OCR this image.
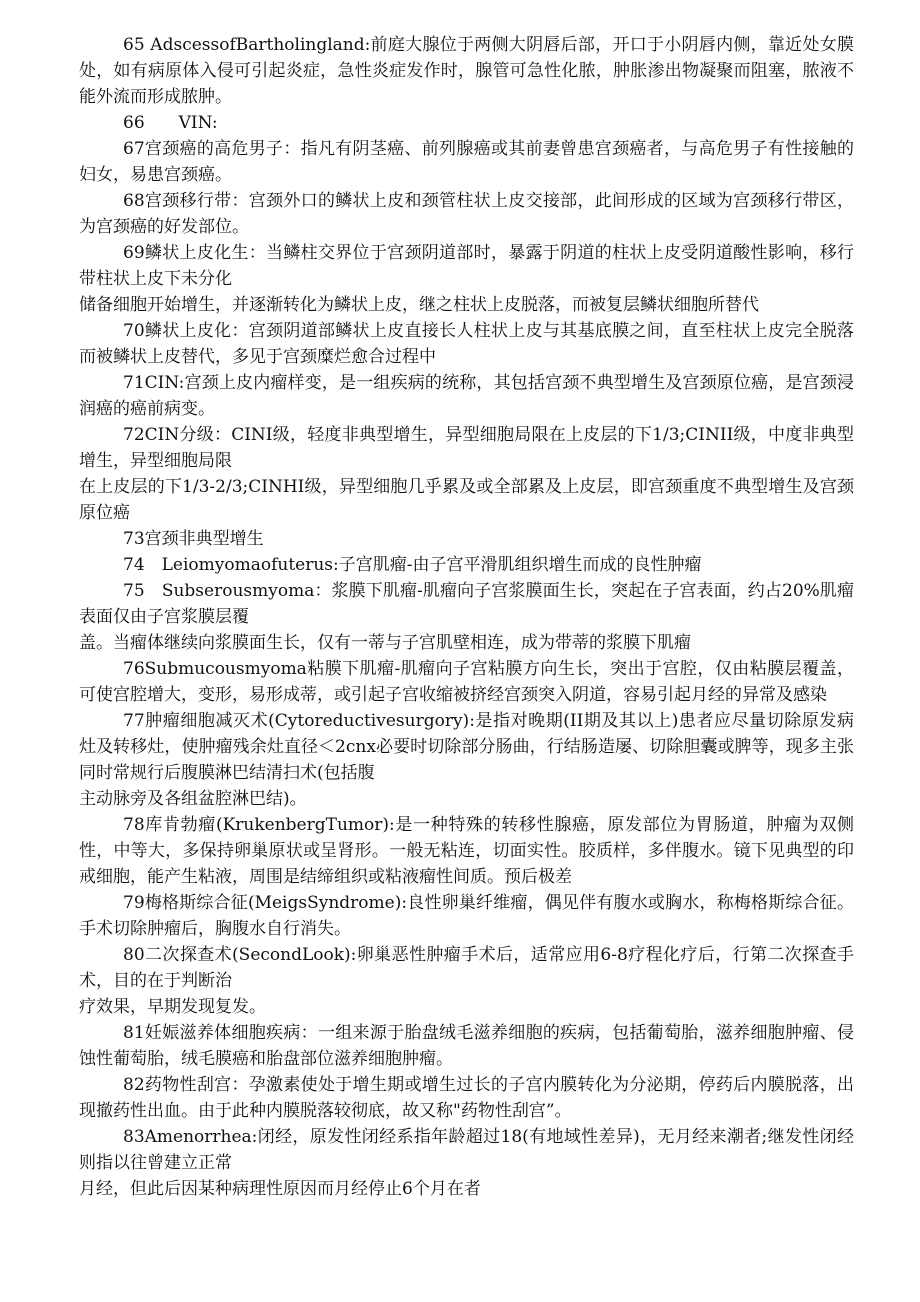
65 AdscessofBartholingland:前庭大腺位于两侧大阴唇后部，开口于小阴唇内侧，靠近处女膜处，如有病原体入侵可引起炎症，急性炎症发作时，腺管可急性化脓，肿胀渗出物凝聚而阻塞，脓液不能外流而形成脓肿。

66　　VIN:

67宫颈癌的高危男子：指凡有阴茎癌、前列腺癌或其前妻曾患宫颈癌者，与高危男子有性接触的妇女，易患宫颈癌。

68宫颈移行带：宫颈外口的鳞状上皮和颈管柱状上皮交接部，此间形成的区域为宫颈移行带区，为宫颈癌的好发部位。

69鳞状上皮化生：当鳞柱交界位于宫颈阴道部时，暴露于阴道的柱状上皮受阴道酸性影响，移行带柱状上皮下未分化

储备细胞开始增生，并逐渐转化为鳞状上皮，继之柱状上皮脱落，而被复层鳞状细胞所替代

70鳞状上皮化：宫颈阴道部鳞状上皮直接长人柱状上皮与其基底膜之间，直至柱状上皮完全脱落而被鳞状上皮替代，多见于宫颈糜烂愈合过程中

71CIN:宫颈上皮内瘤样变，是一组疾病的统称，其包括宫颈不典型增生及宫颈原位癌，是宫颈浸润癌的癌前病变。

72CIN分级：CINI级，轻度非典型增生，异型细胞局限在上皮层的下1/3;CINII级，中度非典型增生，异型细胞局限

在上皮层的下1/3-2/3;CINHI级，异型细胞几乎累及或全部累及上皮层，即宫颈重度不典型增生及宫颈原位癌

73宫颈非典型增生

74　Leiomyomaofuterus:子宫肌瘤-由子宫平滑肌组织增生而成的良性肿瘤

75　Subserousmyoma：浆膜下肌瘤-肌瘤向子宫浆膜面生长，突起在子宫表面，约占20%肌瘤表面仅由子宫浆膜层覆

盖。当瘤体继续向浆膜面生长，仅有一蒂与子宫肌壁相连，成为带蒂的浆膜下肌瘤

76Submucousmyoma粘膜下肌瘤-肌瘤向子宫粘膜方向生长，突出于宫腔，仅由粘膜层覆盖，可使宫腔增大，变形，易形成蒂，或引起子宫收缩被挤经宫颈突入阴道，容易引起月经的异常及感染

77肿瘤细胞减灭术(Cytoreductivesurgory):是指对晚期(II期及其以上)患者应尽量切除原发病灶及转移灶，使肿瘤残余灶直径＜2cnx必要时切除部分肠曲，行结肠造屡、切除胆囊或脾等，现多主张同时常规行后腹膜淋巴结清扫术(包括腹

主动脉旁及各组盆腔淋巴结)。

78库肯勃瘤(KrukenbergTumor):是一种特殊的转移性腺癌，原发部位为胃肠道，肿瘤为双侧性，中等大，多保持卵巢原状或呈肾形。一般无粘连，切面实性。胶质样，多伴腹水。镜下见典型的印戒细胞，能产生粘液，周围是结缔组织或粘液瘤性间质。预后极差

79梅格斯综合征(MeigsSyndrome):良性卵巢纤维瘤，偶见伴有腹水或胸水，称梅格斯综合征。手术切除肿瘤后，胸腹水自行消失。

80二次探查术(SecondLook):卵巢恶性肿瘤手术后，适常应用6-8疗程化疗后，行第二次探查手术，目的在于判断治

疗效果，早期发现复发。

81妊娠滋养体细胞疾病：一组来源于胎盘绒毛滋养细胞的疾病，包括葡萄胎，滋养细胞肿瘤、侵蚀性葡萄胎，绒毛膜癌和胎盘部位滋养细胞肿瘤。

82药物性刮宫：孕激素使处于增生期或增生过长的子宫内膜转化为分泌期，停药后内膜脱落，出现撤药性出血。由于此种内膜脱落较彻底，故又称"药物性刮宫”。

83Amenorrhea:闭经，原发性闭经系指年龄超过18(有地域性差异)，无月经来潮者;继发性闭经则指以往曾建立正常

月经，但此后因某种病理性原因而月经停止6个月在者
